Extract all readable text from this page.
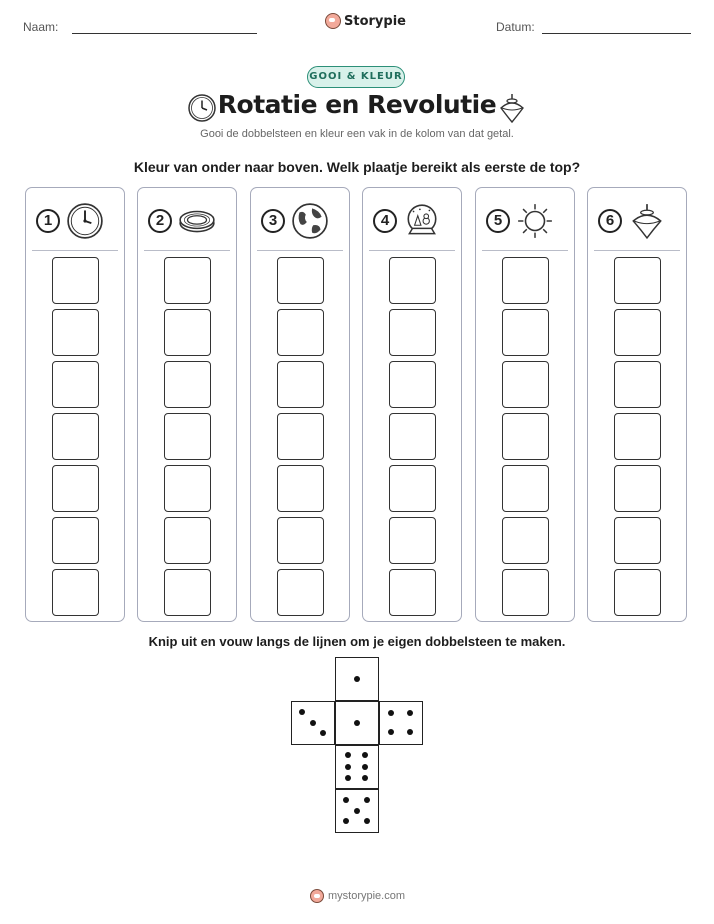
Naam:	Storypie	Datum:
GOOI & KLEUR
Rotatie en Revolutie
Gooi de dobbelsteen en kleur een vak in de kolom van dat getal.
Kleur van onder naar boven. Welk plaatje bereikt als eerste de top?
1	2	3	4	5	6
Knip uit en vouw langs de lijnen om je eigen dobbelsteen te maken.
mystorypie.com
